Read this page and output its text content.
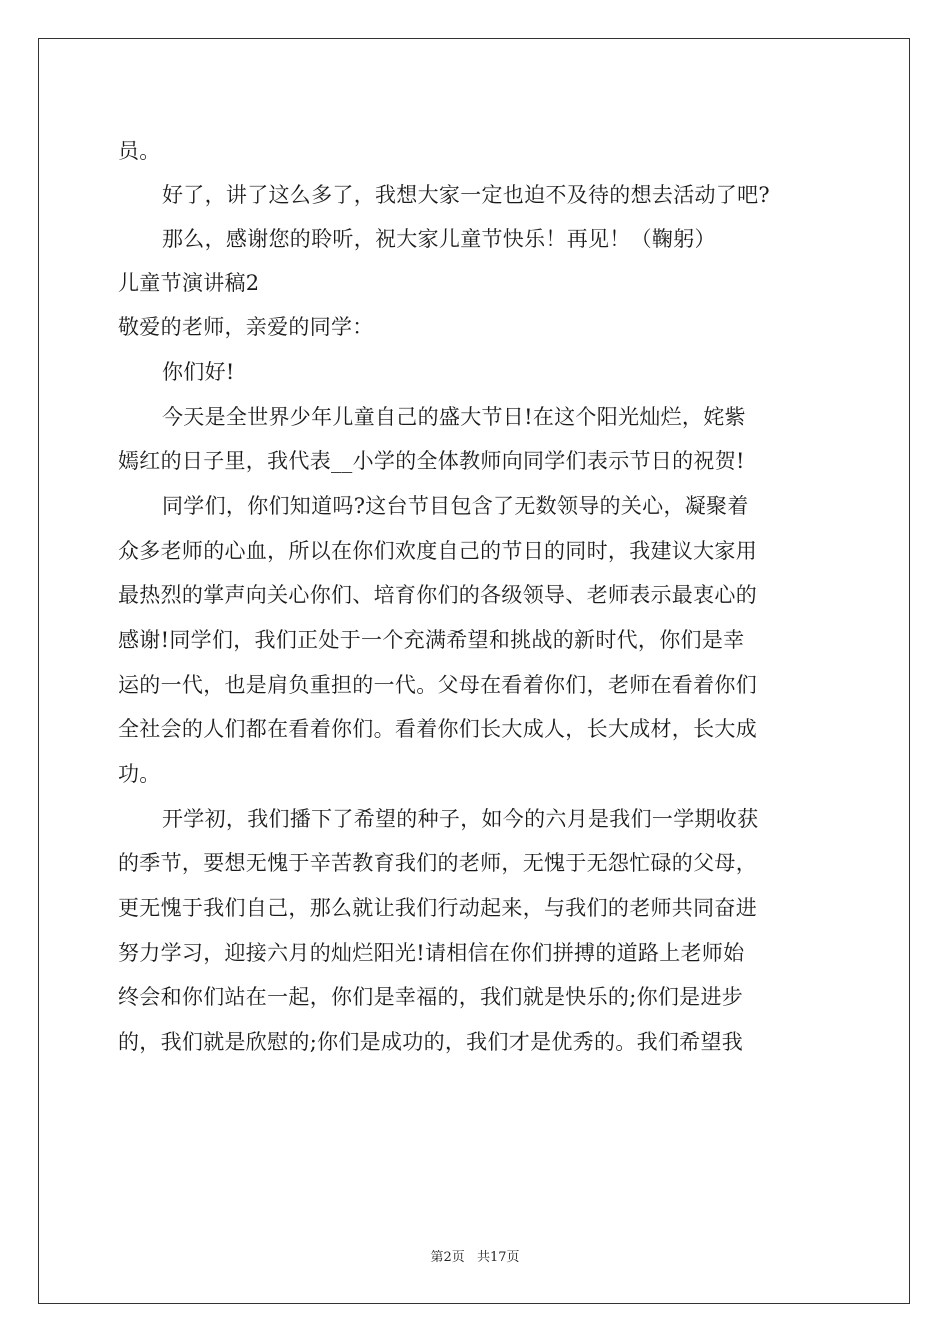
员。
好了，讲了这么多了，我想大家一定也迫不及待的想去活动了吧?
那么，感谢您的聆听，祝大家儿童节快乐！再见！（鞠躬）
儿童节演讲稿2
敬爱的老师，亲爱的同学：
你们好!
今天是全世界少年儿童自己的盛大节日!在这个阳光灿烂，姹紫
嫣红的日子里，我代表__小学的全体教师向同学们表示节日的祝贺!
同学们，你们知道吗?这台节目包含了无数领导的关心，凝聚着
众多老师的心血，所以在你们欢度自己的节日的同时，我建议大家用
最热烈的掌声向关心你们、培育你们的各级领导、老师表示最衷心的
感谢!同学们，我们正处于一个充满希望和挑战的新时代，你们是幸
运的一代，也是肩负重担的一代。父母在看着你们，老师在看着你们
全社会的人们都在看着你们。看着你们长大成人，长大成材，长大成
功。
开学初，我们播下了希望的种子，如今的六月是我们一学期收获
的季节，要想无愧于辛苦教育我们的老师，无愧于无怨忙碌的父母，
更无愧于我们自己，那么就让我们行动起来，与我们的老师共同奋进
努力学习，迎接六月的灿烂阳光!请相信在你们拼搏的道路上老师始
终会和你们站在一起，你们是幸福的，我们就是快乐的;你们是进步
的，我们就是欣慰的;你们是成功的，我们才是优秀的。我们希望我
第2页 共17页
